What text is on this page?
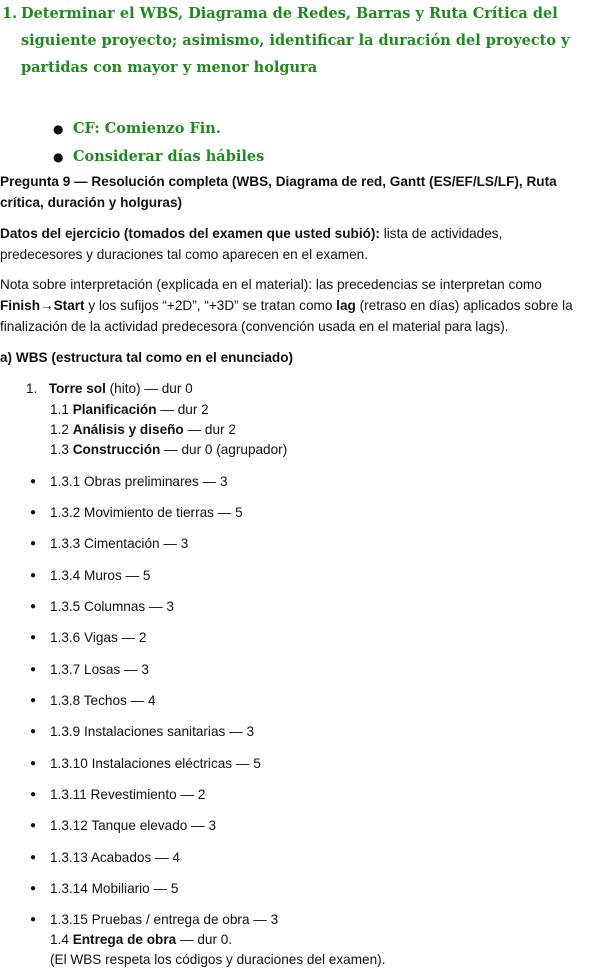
1. Determinar el WBS, Diagrama de Redes, Barras y Ruta Crítica del siguiente proyecto; asimismo, identificar la duración del proyecto y partidas con mayor y menor holgura
● CF: Comienzo Fin.
● Considerar días hábiles
Pregunta 9 — Resolución completa (WBS, Diagrama de red, Gantt (ES/EF/LS/LF), Ruta crítica, duración y holguras)
Datos del ejercicio (tomados del examen que usted subió): lista de actividades, predecesores y duraciones tal como aparecen en el examen.
Nota sobre interpretación (explicada en el material): las precedencias se interpretan como Finish→Start y los sufijos “+2D”, “+3D” se tratan como lag (retraso en días) aplicados sobre la finalización de la actividad predecesora (convención usada en el material para lags).
a) WBS (estructura tal como en el enunciado)
1. Torre sol (hito) — dur 0
1.1 Planificación — dur 2
1.2 Análisis y diseño — dur 2
1.3 Construcción — dur 0 (agrupador)
● 1.3.1 Obras preliminares — 3
● 1.3.2 Movimiento de tierras — 5
● 1.3.3 Cimentación — 3
● 1.3.4 Muros — 5
● 1.3.5 Columnas — 3
● 1.3.6 Vigas — 2
● 1.3.7 Losas — 3
● 1.3.8 Techos — 4
● 1.3.9 Instalaciones sanitarias — 3
● 1.3.10 Instalaciones eléctricas — 5
● 1.3.11 Revestimiento — 2
● 1.3.12 Tanque elevado — 3
● 1.3.13 Acabados — 4
● 1.3.14 Mobiliario — 5
● 1.3.15 Pruebas / entrega de obra — 3
1.4 Entrega de obra — dur 0.
(El WBS respeta los códigos y duraciones del examen).
